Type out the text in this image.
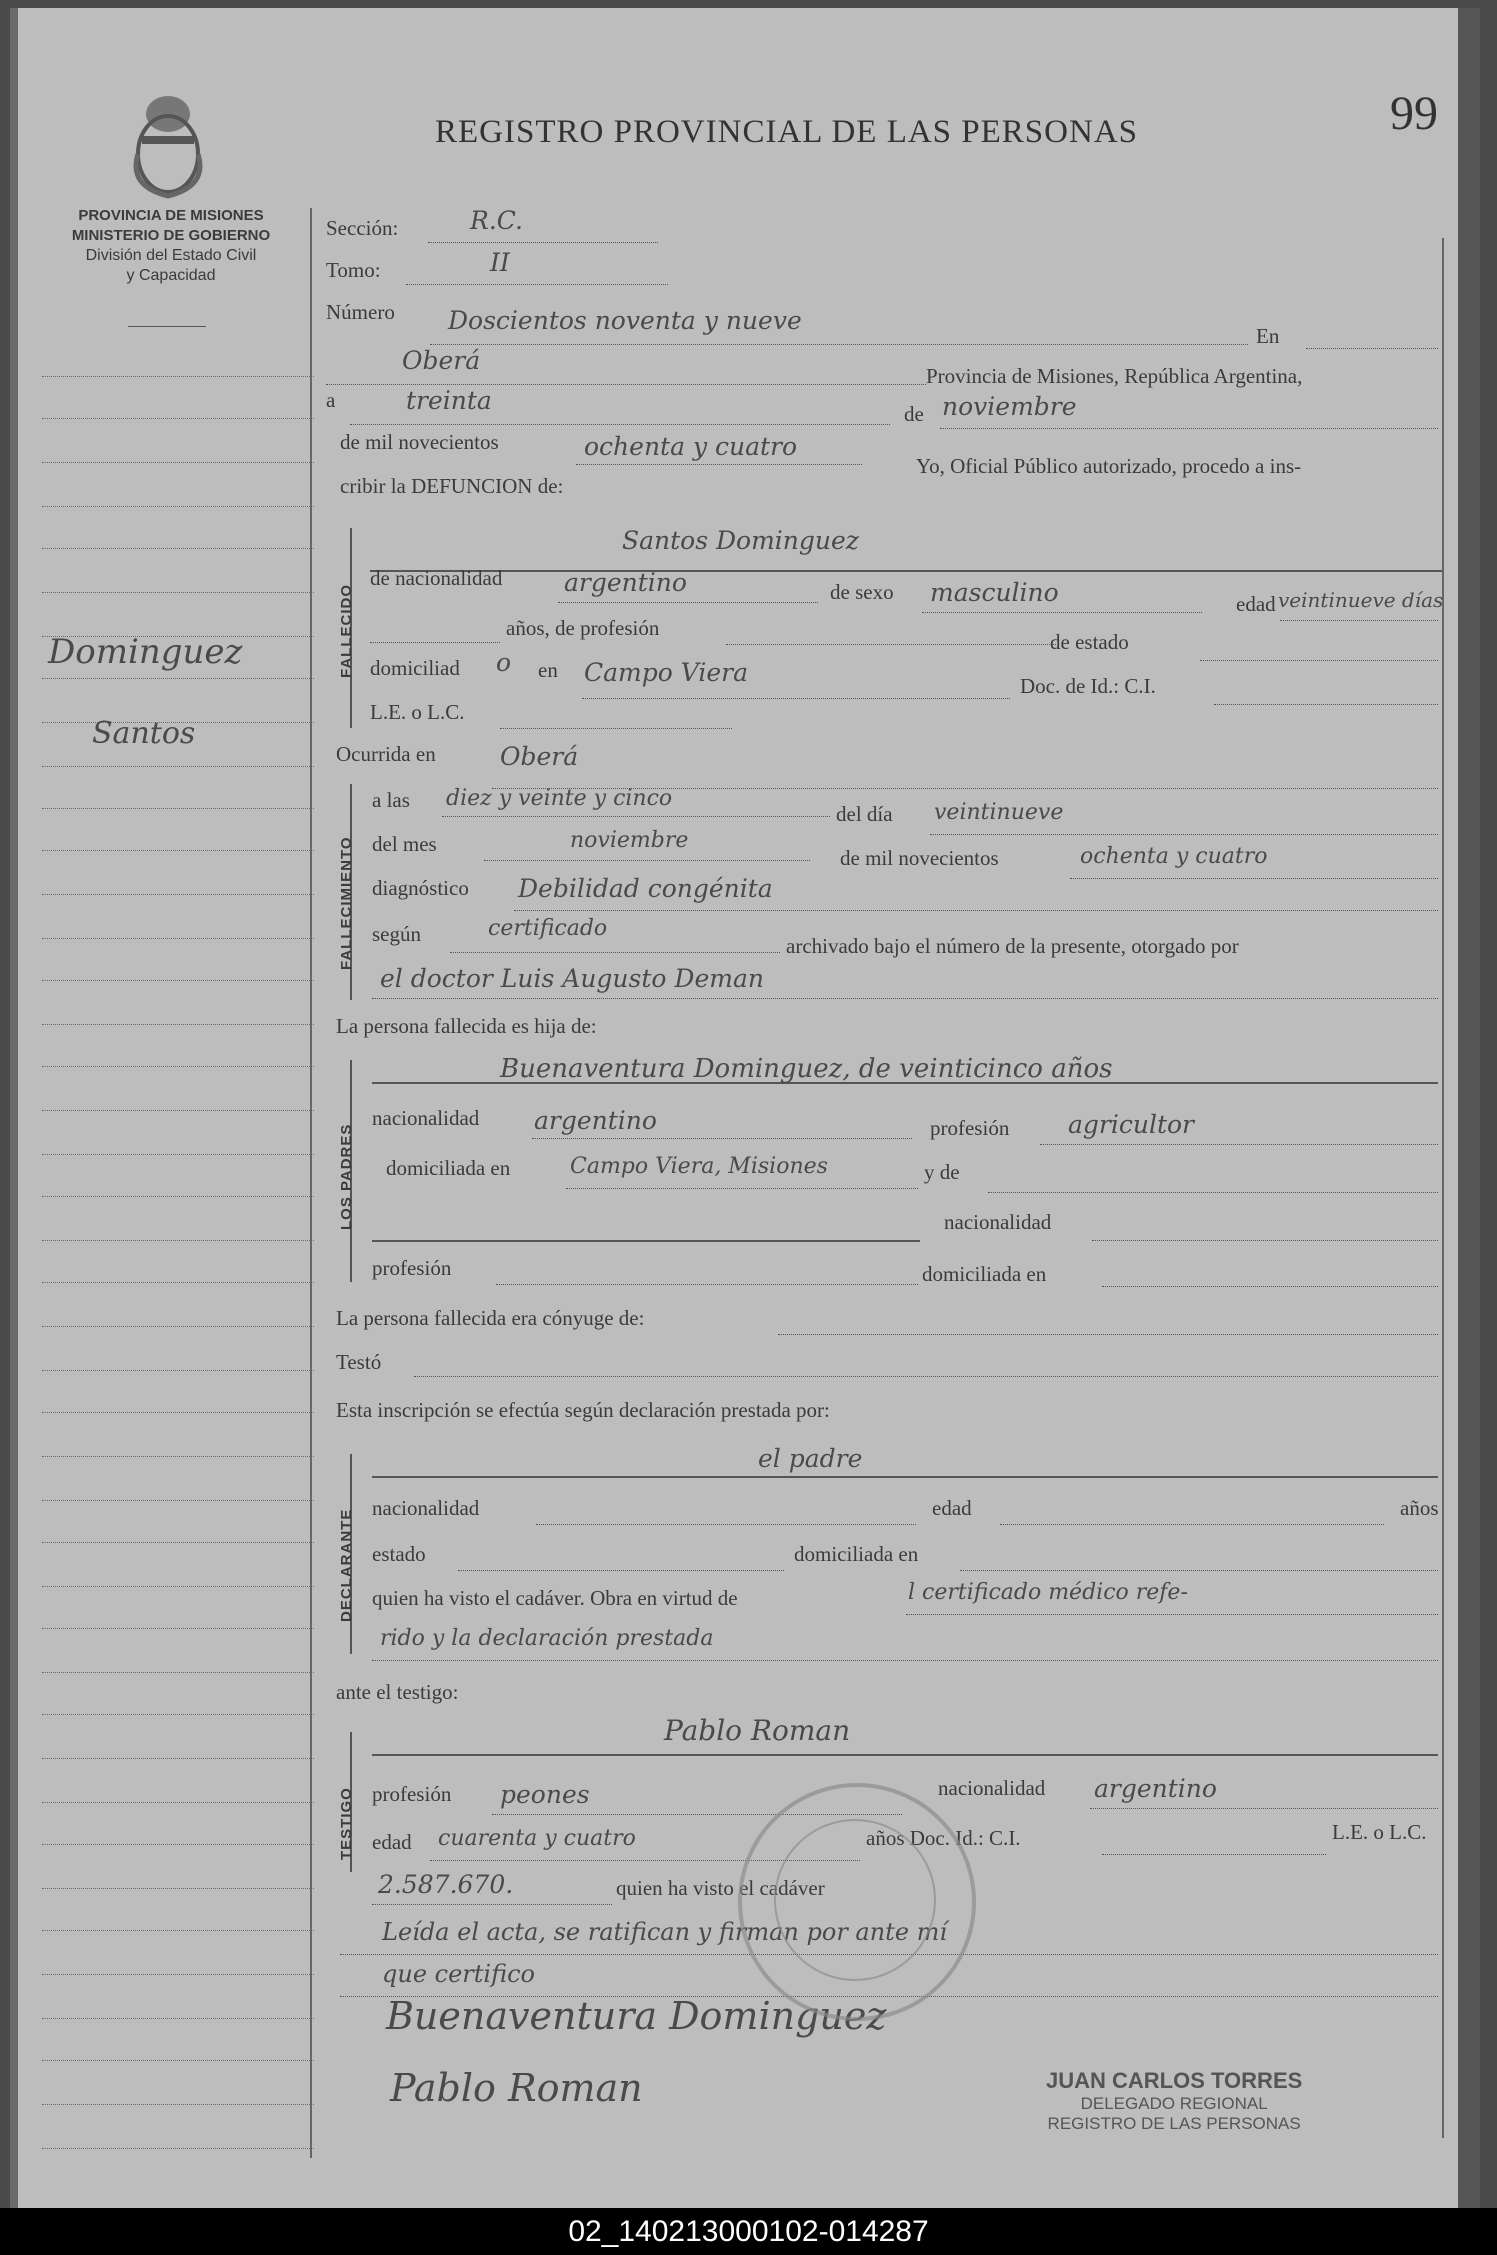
PROVINCIA DE MISIONES
MINISTERIO DE GOBIERNO
División del Estado Civil
y Capacidad
REGISTRO PROVINCIAL DE LAS PERSONAS	99
Dominguez
Santos
Sección:	R.C.
Tomo:	II
Número Doscientos noventa y nueve
En
Oberá
Provincia de Misiones, República Argentina,
a	treinta	de noviembre
de mil novecientos	ochenta y cuatro
Yo, Oficial Público autorizado, procedo a ins-
cribir la DEFUNCION de:
FALLECIDO
Santos Dominguez
de nacionalidad argentino	de sexo masculino	edad veintinueve días
años, de profesión
de estado
domiciliad o en Campo Viera	Doc. de Id.: C.I.
L.E. o L.C.
Ocurrida en	Oberá
FALLECIMIENTO
a las diez y veinte y cinco
del día veintinueve
del mes	noviembre
de mil novecientos	ochenta y cuatro
diagnóstico Debilidad congénita
según	certificado
archivado bajo el número de la presente, otorgado por
el doctor Luis Augusto Deman
La persona fallecida es hija de:
LOS PADRES
Buenaventura Dominguez, de veinticinco años
nacionalidad argentino	profesión agricultor
domiciliada en	Campo Viera, Misiones	y de
nacionalidad
profesión	domiciliada en
La persona fallecida era cónyuge de:
Testó
Esta inscripción se efectúa según declaración prestada por:
DECLARANTE
el padre
nacionalidad	edad	años
estado	domiciliada en
quien ha visto el cadáver. Obra en virtud de	l certificado médico refe-
rido y la declaración prestada
ante el testigo:
TESTIGO
Pablo Roman
profesión peones	nacionalidad argentino
edad cuarenta y cuatro	años Doc. Id.: C.I.	L.E. o L.C.
2.587.670.	quien ha visto el cadáver
Leída el acta, se ratifican y firman por ante mí
que certifico
Buenaventura Dominguez
Pablo Roman	JUAN CARLOS TORRES
DELEGADO REGIONAL
REGISTRO DE LAS PERSONAS
02_140213000102-014287
